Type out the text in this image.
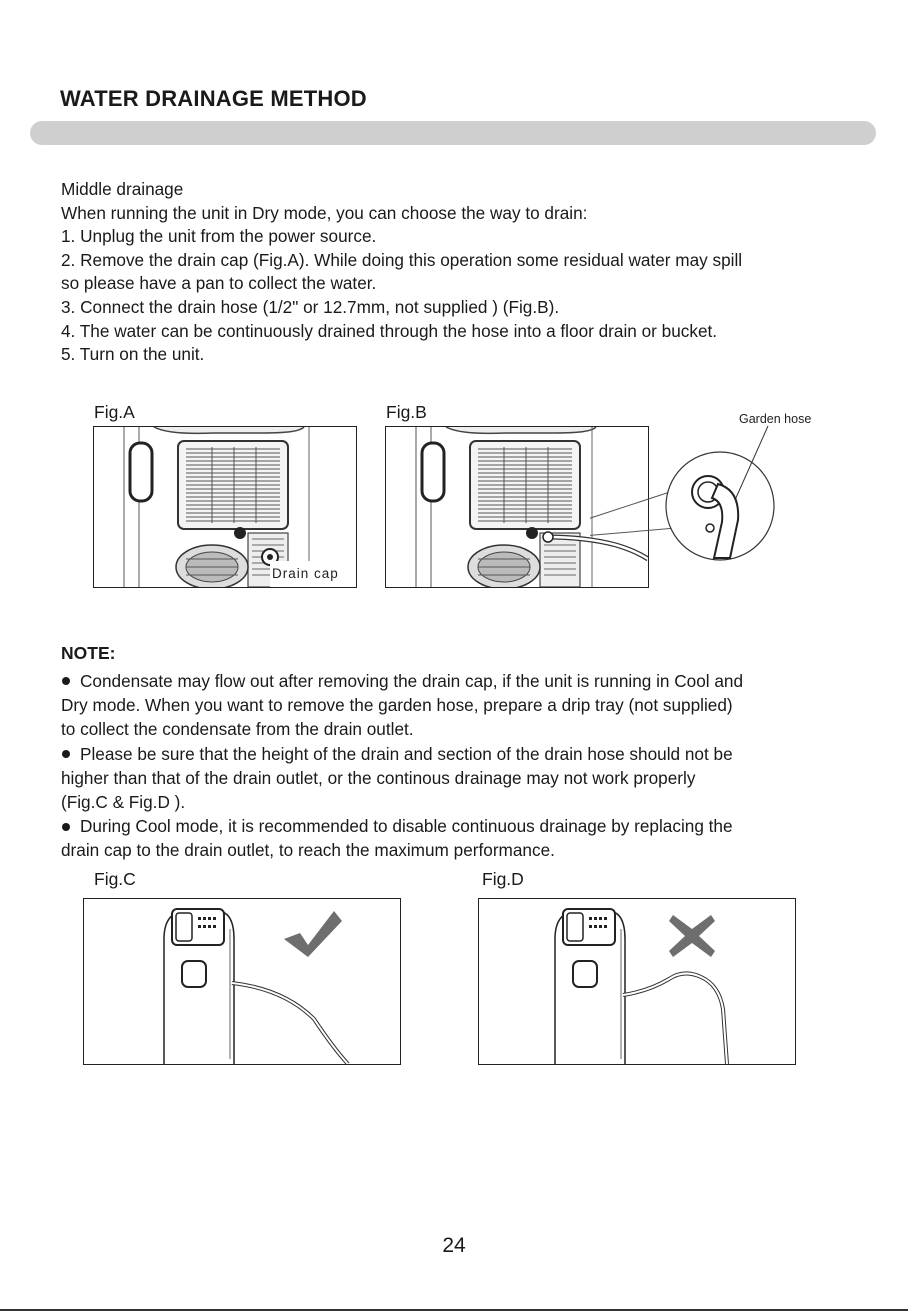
WATER DRAINAGE METHOD
Middle drainage
When running the unit in Dry mode, you can choose the way to drain:
1. Unplug the unit from the power source.
2. Remove the drain cap (Fig.A). While doing this operation some residual water may spill
so please have a pan to collect the water.
3. Connect the drain hose (1/2" or 12.7mm, not supplied ) (Fig.B).
4. The water can be continuously drained through the hose into a floor drain or bucket.
5. Turn on the unit.
Fig.A
Drain cap
Fig.B	Garden hose
NOTE:
Condensate may flow out after removing the drain cap, if the unit is running in Cool and
Dry mode. When you want to remove the garden hose, prepare a drip tray (not supplied)
to collect the condensate from the drain outlet.
Please be sure that the height of the drain and section of the drain hose should not be
higher than that of the drain outlet, or the continous drainage may not work properly
(Fig.C & Fig.D ).
During Cool mode, it is recommended to disable continuous drainage by replacing the
drain cap to the drain outlet, to reach the maximum performance.
Fig.C	Fig.D
24
